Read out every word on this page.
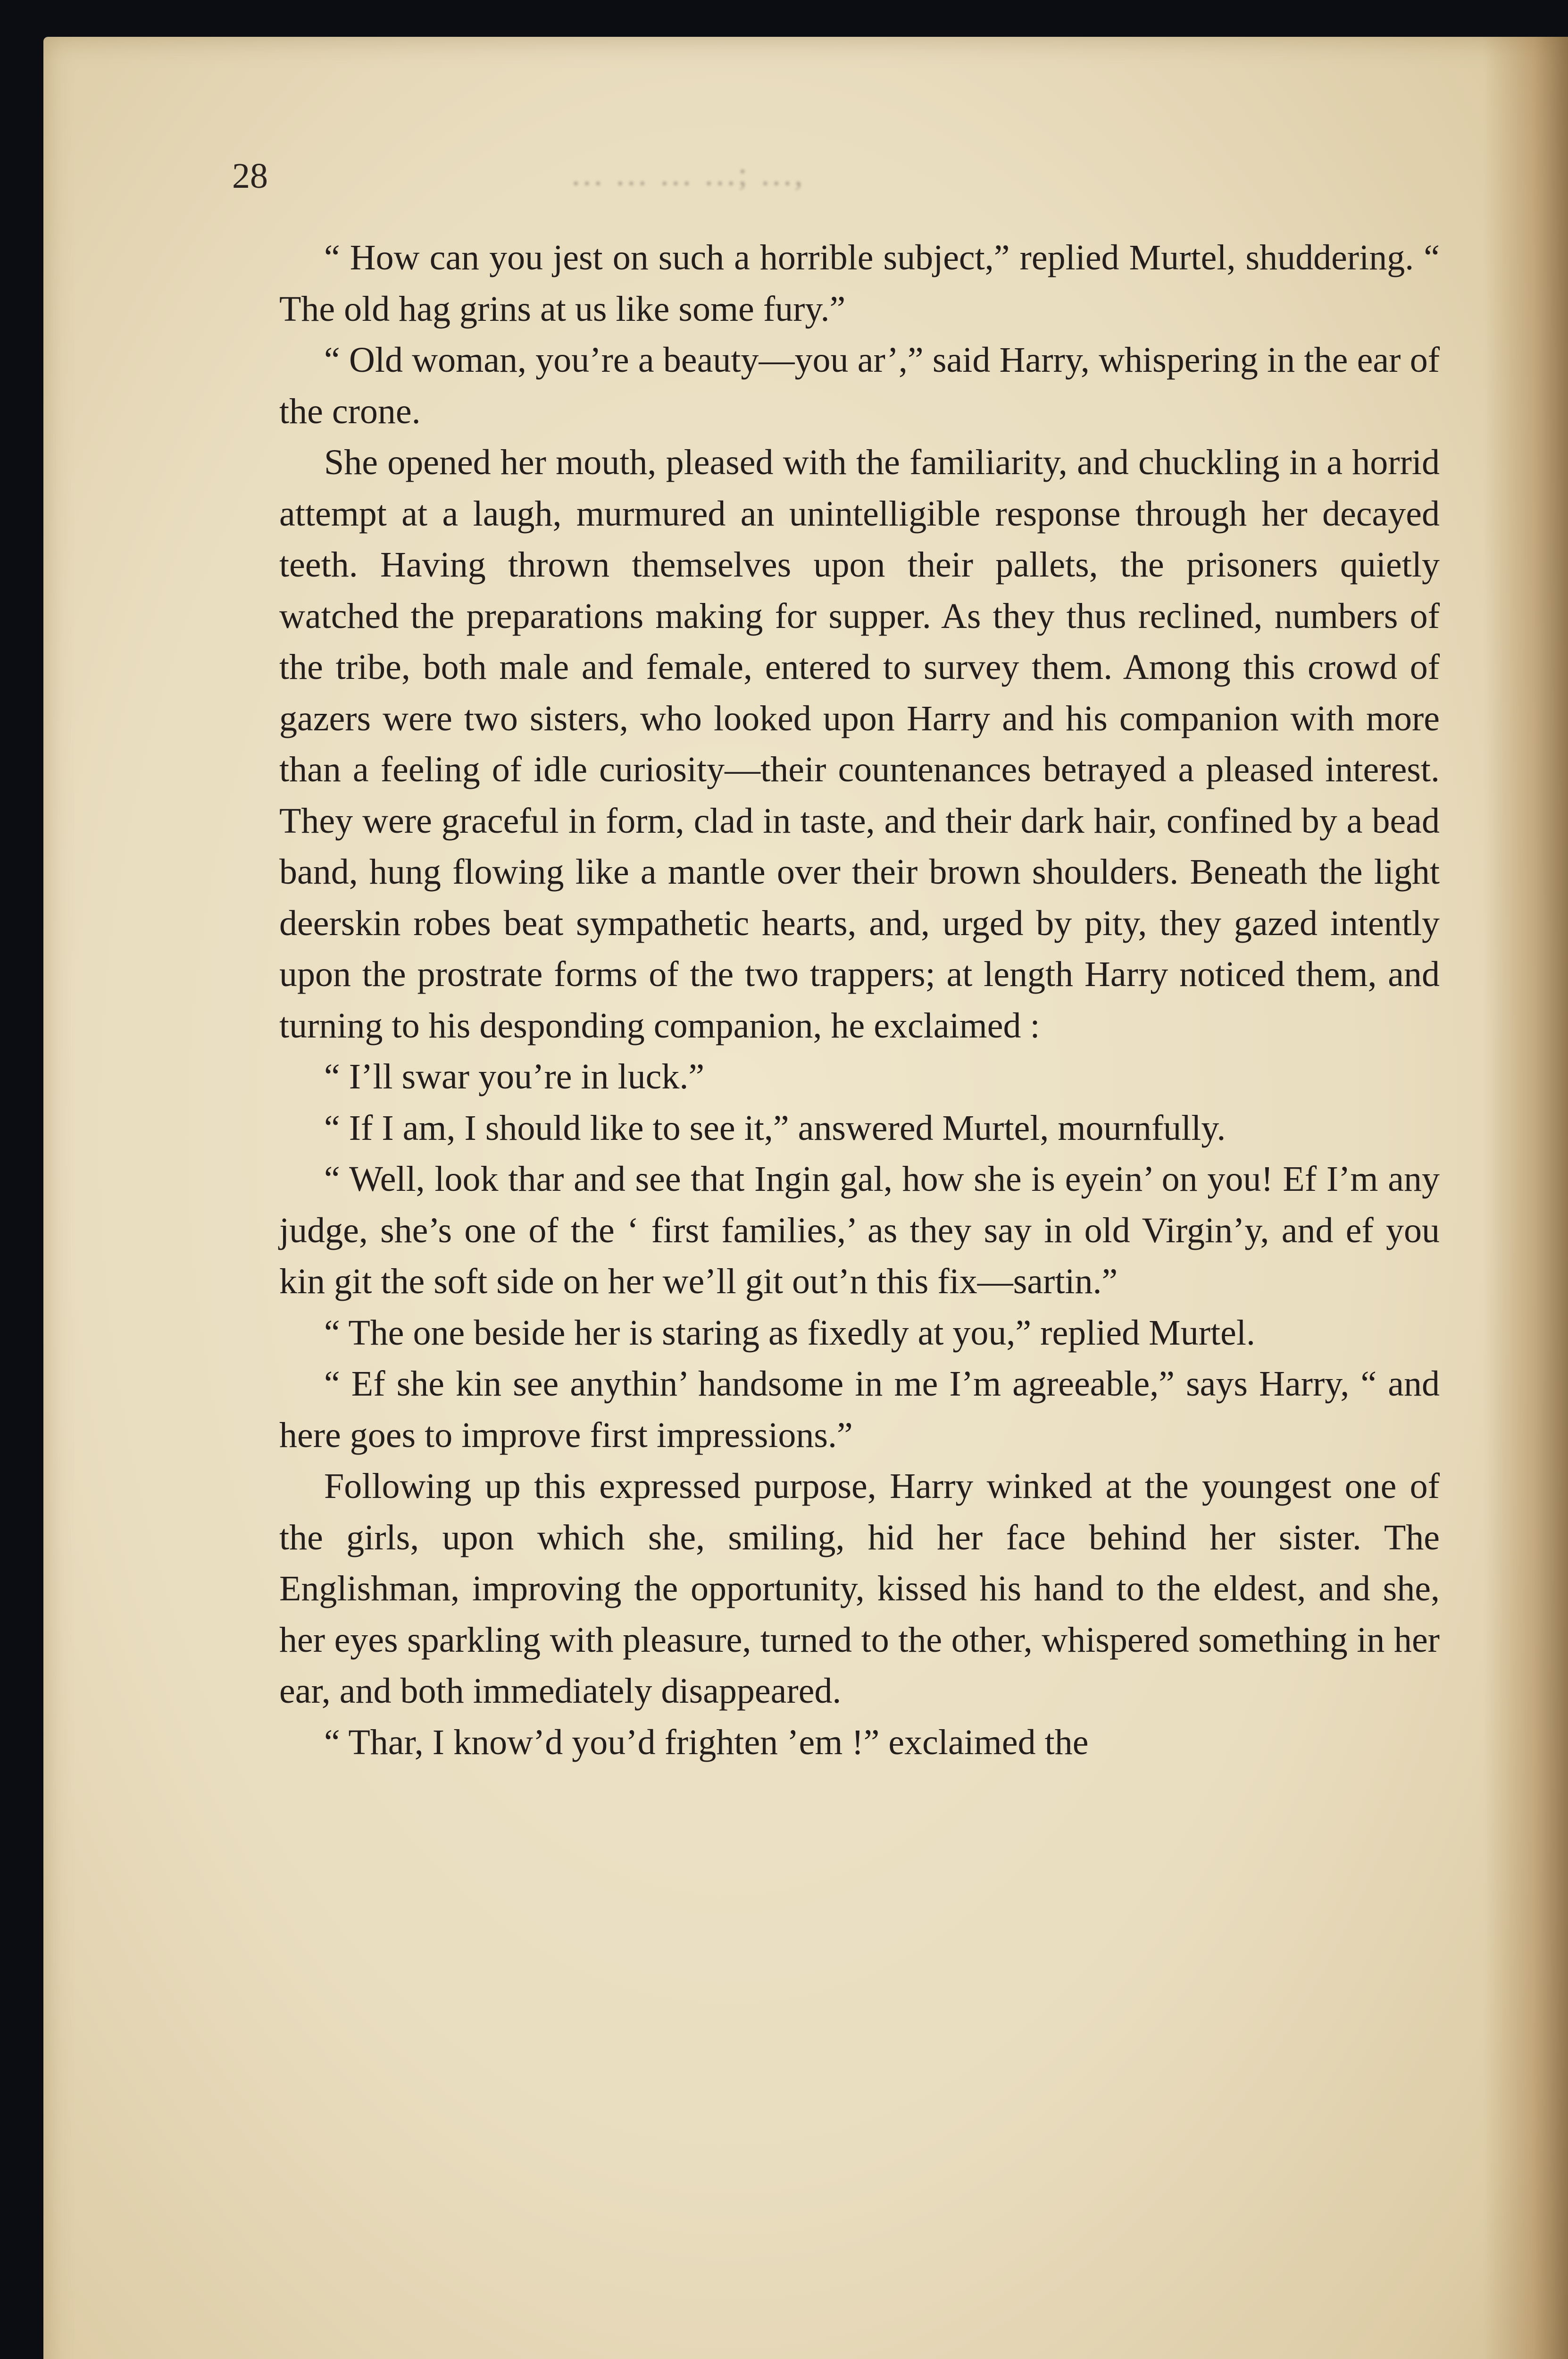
28	... ... ... ...; ...,

“ How can you jest on such a horrible subject,” replied Murtel, shuddering. “ The old hag grins at us like some fury.”

“ Old woman, you’re a beauty—you ar’,” said Harry, whispering in the ear of the crone.

She opened her mouth, pleased with the familiarity, and chuckling in a horrid attempt at a laugh, murmured an unintelligible response through her decayed teeth. Having thrown themselves upon their pallets, the prisoners quietly watched the preparations making for supper. As they thus reclined, numbers of the tribe, both male and female, entered to survey them. Among this crowd of gazers were two sisters, who looked upon Harry and his companion with more than a feeling of idle curiosity—their countenances betrayed a pleased interest. They were graceful in form, clad in taste, and their dark hair, confined by a bead band, hung flowing like a mantle over their brown shoulders. Beneath the light deerskin robes beat sympathetic hearts, and, urged by pity, they gazed intently upon the prostrate forms of the two trappers; at length Harry noticed them, and turning to his desponding companion, he exclaimed :

“ I’ll swar you’re in luck.”

“ If I am, I should like to see it,” answered Murtel, mournfully.

“ Well, look thar and see that Ingin gal, how she is eyein’ on you! Ef I’m any judge, she’s one of the ‘ first families,’ as they say in old Virgin’y, and ef you kin git the soft side on her we’ll git out’n this fix—sartin.”

“ The one beside her is staring as fixedly at you,” replied Murtel.

“ Ef she kin see anythin’ handsome in me I’m agreeable,” says Harry, “ and here goes to improve first impressions.”

Following up this expressed purpose, Harry winked at the youngest one of the girls, upon which she, smiling, hid her face behind her sister. The Englishman, improving the opportunity, kissed his hand to the eldest, and she, her eyes sparkling with pleasure, turned to the other, whispered something in her ear, and both immediately disappeared.

“ Thar, I know’d you’d frighten ’em !” exclaimed the
